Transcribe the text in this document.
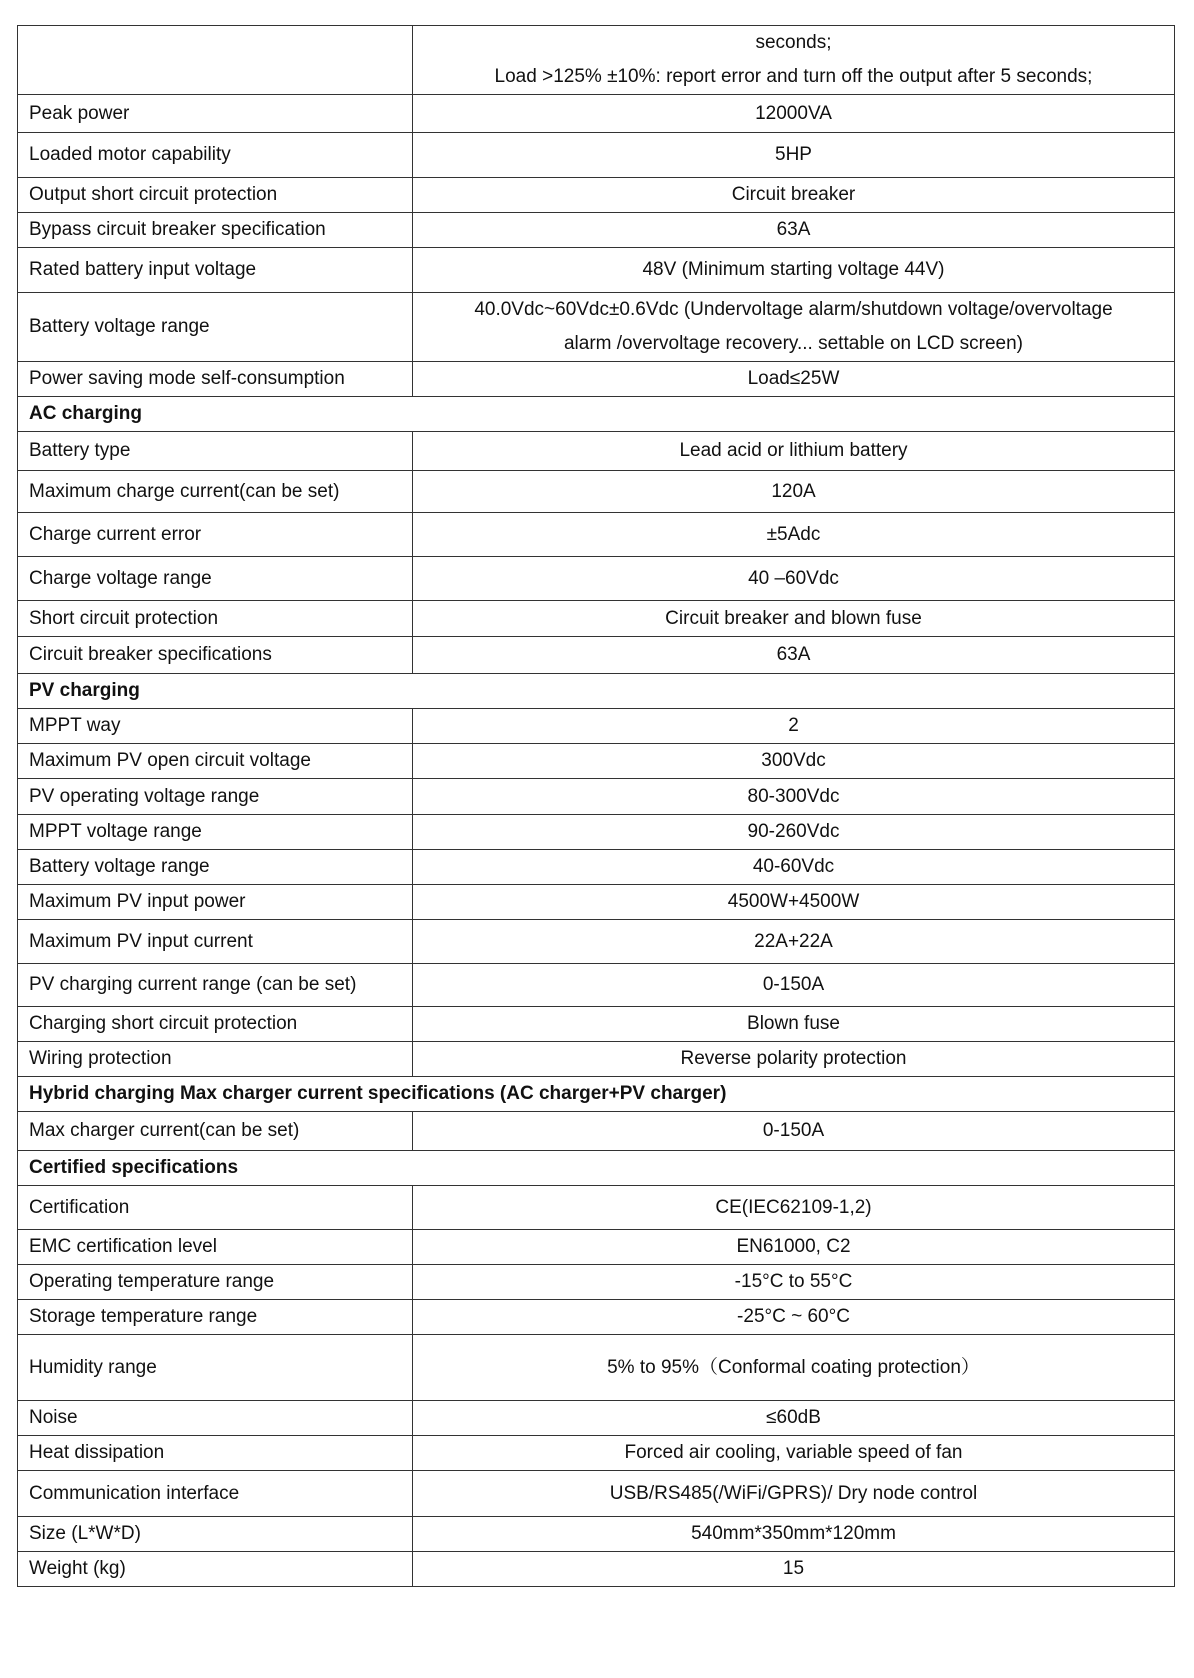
	seconds;
Load >125% ±10%: report error and turn off the output after 5 seconds;

Peak power	12000VA
Loaded motor capability	5HP
Output short circuit protection	Circuit breaker
Bypass circuit breaker specification	63A
Rated battery input voltage	48V (Minimum starting voltage 44V)
Battery voltage range	40.0Vdc~60Vdc±0.6Vdc (Undervoltage alarm/shutdown voltage/overvoltage
alarm /overvoltage recovery... settable on LCD screen)

Power saving mode self-consumption	Load≤25W
AC charging	
Battery type	Lead acid or lithium battery
Maximum charge current(can be set)	120A
Charge current error	±5Adc
Charge voltage range	40 –60Vdc
Short circuit protection	Circuit breaker and blown fuse
Circuit breaker specifications	63A
PV charging	
MPPT way	2
Maximum PV open circuit voltage	300Vdc
PV operating voltage range	80-300Vdc
MPPT voltage range	90-260Vdc
Battery voltage range	40-60Vdc
Maximum PV input power	4500W+4500W
Maximum PV input current	22A+22A
PV charging current range (can be set)	0-150A
Charging short circuit protection	Blown fuse
Wiring protection	Reverse polarity protection
Hybrid charging Max charger current specifications (AC charger+PV charger)	
Max charger current(can be set)	0-150A
Certified specifications	
Certification	CE(IEC62109-1,2)
EMC certification level	EN61000, C2
Operating temperature range	-15°C to 55°C
Storage temperature range	-25°C ~ 60°C
Humidity range	5% to 95%（Conformal coating protection）
Noise	≤60dB
Heat dissipation	Forced air cooling, variable speed of fan
Communication interface	USB/RS485(/WiFi/GPRS)/ Dry node control
Size (L*W*D)	540mm*350mm*120mm
Weight (kg)	15
